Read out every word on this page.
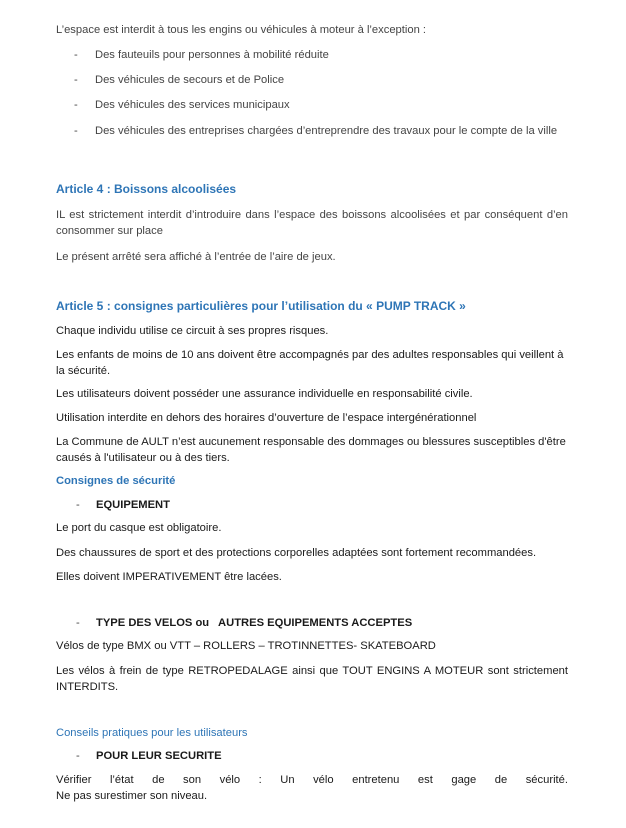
L’espace est interdit à tous les engins ou véhicules à moteur à l’exception :

- Des fauteuils pour personnes à mobilité réduite

- Des véhicules de secours et de Police

- Des véhicules des services municipaux

- Des véhicules des entreprises chargées d’entreprendre des travaux pour le compte de la ville

Article 4 : Boissons alcoolisées

IL est strictement interdit d’introduire dans l’espace des boissons alcoolisées et par conséquent d’en consommer sur place

Le présent arrêté sera affiché à l’entrée de l’aire de jeux.

Article 5 : consignes particulières pour l’utilisation du « PUMP TRACK »

Chaque individu utilise ce circuit à ses propres risques.

Les enfants de moins de 10 ans doivent être accompagnés par des adultes responsables qui veillent à la sécurité.

Les utilisateurs doivent posséder une assurance individuelle en responsabilité civile.

Utilisation interdite en dehors des horaires d’ouverture de l’espace intergénérationnel

La Commune de AULT n’est aucunement responsable des dommages ou blessures susceptibles d'être causés à l'utilisateur ou à des tiers.

Consignes de sécurité
- EQUIPEMENT

Le port du casque est obligatoire.

Des chaussures de sport et des protections corporelles adaptées sont fortement recommandées.

Elles doivent IMPERATIVEMENT être lacées.

- TYPE DES VELOS ou   AUTRES EQUIPEMENTS ACCEPTES

Vélos de type BMX ou VTT – ROLLERS – TROTINNETTES- SKATEBOARD

Les vélos à frein de type RETROPEDALAGE ainsi que TOUT ENGINS A MOTEUR sont strictement INTERDITS.

Conseils pratiques pour les utilisateurs
- POUR LEUR SECURITE

Vérifier l’état de son vélo : Un vélo entretenu est gage de sécurité.

Ne pas surestimer son niveau.
